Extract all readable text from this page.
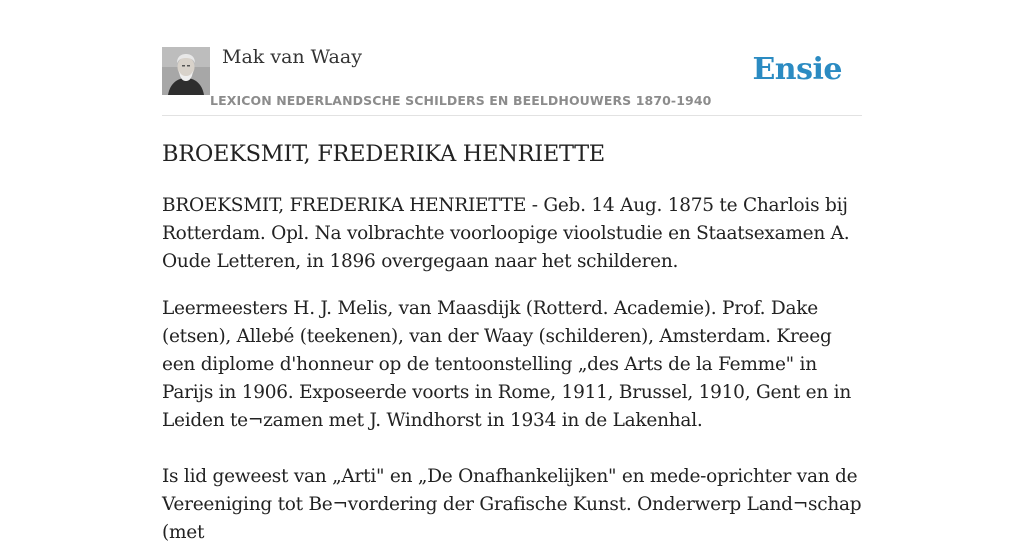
Mak van Waay
LEXICON NEDERLANDSCHE SCHILDERS EN BEELDHOUWERS 1870-1940
Ensie
BROEKSMIT, FREDERIKA HENRIETTE

BROEKSMIT, FREDERIKA HENRIETTE - Geb. 14 Aug. 1875 te Charlois bij Rotterdam. Opl. Na volbrachte voorloopige vioolstudie en Staatsexamen A. Oude Letteren, in 1896 overgegaan naar het schilderen.

Leermeesters H. J. Melis, van Maasdijk (Rotterd. Academie). Prof. Dake (etsen), Allebé (teekenen), van der Waay (schilderen), Amsterdam. Kreeg een diplome d'honneur op de tentoonstelling „des Arts de la Femme" in Parijs in 1906. Exposeerde voorts in Rome, 1911, Brussel, 1910, Gent en in Leiden te¬zamen met J. Windhorst in 1934 in de Lakenhal.

Is lid geweest van „Arti" en „De Onafhankelijken" en mede-oprichter van de Vereeniging tot Be¬vordering der Grafische Kunst. Onderwerp Land¬schap (met
